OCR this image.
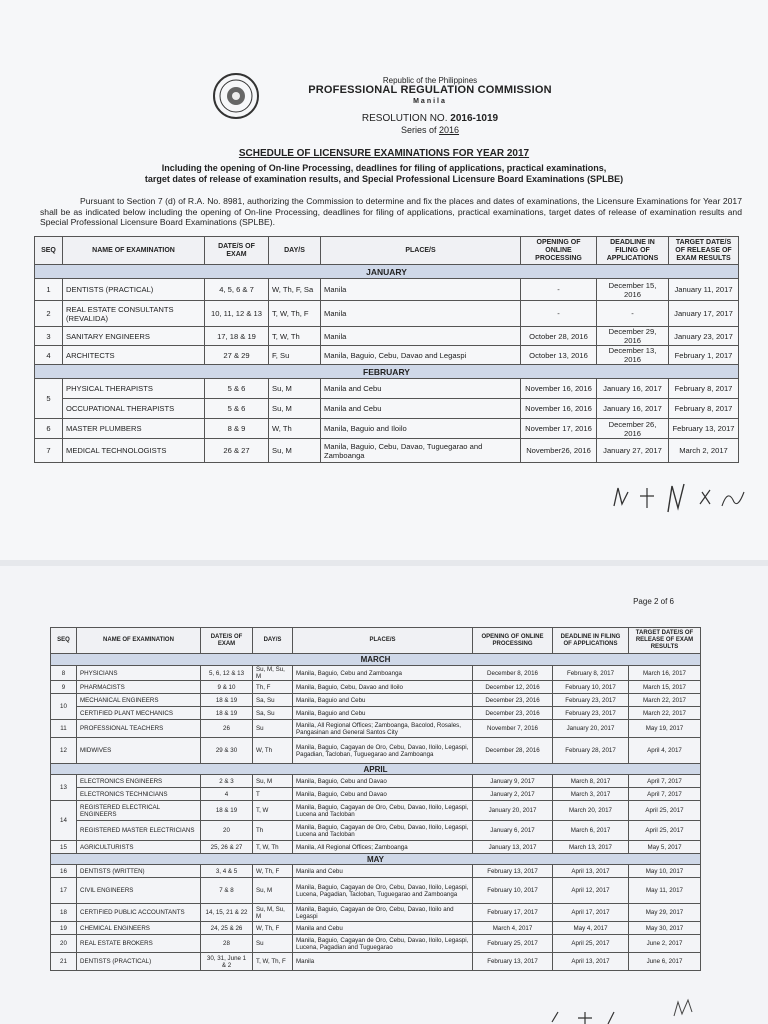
Republic of the Philippines
PROFESSIONAL REGULATION COMMISSION
Manila
RESOLUTION NO. 2016-1019
Series of 2016
SCHEDULE OF LICENSURE EXAMINATIONS FOR YEAR 2017
Including the opening of On-line Processing, deadlines for filing of applications, practical examinations,
target dates of release of examination results, and Special Professional Licensure Board Examinations (SPLBE)
Pursuant to Section 7 (d) of R.A. No. 8981, authorizing the Commission to determine and fix the places and dates of examinations, the Licensure Examinations for Year 2017 shall be as indicated below including the opening of On-line Processing, deadlines for filing of applications, practical examinations, target dates of release of examination results and Special Professional Licensure Board Examinations (SPLBE).
SEQ	NAME OF EXAMINATION	DATE/S OF EXAM	DAY/S	PLACE/S	OPENING OF ONLINE PROCESSING	DEADLINE IN FILING OF APPLICATIONS	TARGET DATE/S OF RELEASE OF EXAM RESULTS
JANUARY							
1	DENTISTS (PRACTICAL)	4, 5, 6 & 7	W, Th, F, Sa	Manila	-	December 15, 2016	January 11, 2017
2	REAL ESTATE CONSULTANTS (REVALIDA)	10, 11, 12 & 13	T, W, Th, F	Manila	-	-	January 17, 2017
3	SANITARY ENGINEERS	17, 18 & 19	T, W, Th	Manila	October 28, 2016	December 29, 2016	January 23, 2017
4	ARCHITECTS	27 & 29	F, Su	Manila, Baguio, Cebu, Davao and Legaspi	October 13, 2016	December 13, 2016	February 1, 2017
FEBRUARY							
5	PHYSICAL THERAPISTS	5 & 6	Su, M	Manila and Cebu	November 16, 2016	January 16, 2017	February 8, 2017
	OCCUPATIONAL THERAPISTS	5 & 6	Su, M	Manila and Cebu	November 16, 2016	January 16, 2017	February 8, 2017
6	MASTER PLUMBERS	8 & 9	W, Th	Manila, Baguio and Iloilo	November 17, 2016	December 26, 2016	February 13, 2017
7	MEDICAL TECHNOLOGISTS	26 & 27	Su, M	Manila, Baguio, Cebu, Davao, Tuguegarao and Zamboanga	November26, 2016	January 27, 2017	March 2, 2017
Page 2 of 6
SEQ	NAME OF EXAMINATION	DATE/S OF EXAM	DAY/S	PLACE/S	OPENING OF ONLINE PROCESSING	DEADLINE IN FILING OF APPLICATIONS	TARGET DATE/S OF RELEASE OF EXAM RESULTS
MARCH							
8	PHYSICIANS	5, 6, 12 & 13	Su, M, Su, M	Manila, Baguio, Cebu and Zamboanga	December 8, 2016	February 8, 2017	March 16, 2017
9	PHARMACISTS	9 & 10	Th, F	Manila, Baguio, Cebu, Davao and Iloilo	December 12, 2016	February 10, 2017	March 15, 2017
10	MECHANICAL ENGINEERS	18 & 19	Sa, Su	Manila, Baguio and Cebu	December 23, 2016	February 23, 2017	March 22, 2017
	CERTIFIED PLANT MECHANICS	18 & 19	Sa, Su	Manila, Baguio and Cebu	December 23, 2016	February 23, 2017	March 22, 2017
11	PROFESSIONAL TEACHERS	26	Su	Manila, All Regional Offices; Zamboanga, Bacolod, Rosales, Pangasinan and General Santos City	November 7, 2016	January 20, 2017	May 19, 2017
12	MIDWIVES	29 & 30	W, Th	Manila, Baguio, Cagayan de Oro, Cebu, Davao, Iloilo, Legaspi, Pagadian, Tacloban, Tuguegarao and Zamboanga	December 28, 2016	February 28, 2017	April 4, 2017
APRIL							
13	ELECTRONICS ENGINEERS	2 & 3	Su, M	Manila, Baguio, Cebu and Davao	January 9, 2017	March 8, 2017	April 7, 2017
	ELECTRONICS TECHNICIANS	4	T	Manila, Baguio, Cebu and Davao	January 2, 2017	March 3, 2017	April 7, 2017
14	REGISTERED ELECTRICAL ENGINEERS	18 & 19	T, W	Manila, Baguio, Cagayan de Oro, Cebu, Davao, Iloilo, Legaspi, Lucena and Tacloban	January 20, 2017	March 20, 2017	April 25, 2017
	REGISTERED MASTER ELECTRICIANS	20	Th	Manila, Baguio, Cagayan de Oro, Cebu, Davao, Iloilo, Legaspi, Lucena and Tacloban	January 6, 2017	March 6, 2017	April 25, 2017
15	AGRICULTURISTS	25, 26 & 27	T, W, Th	Manila, All Regional Offices; Zamboanga	January 13, 2017	March 13, 2017	May 5, 2017
MAY							
16	DENTISTS (WRITTEN)	3, 4 & 5	W, Th, F	Manila and Cebu	February 13, 2017	April 13, 2017	May 10, 2017
17	CIVIL ENGINEERS	7 & 8	Su, M	Manila, Baguio, Cagayan de Oro, Cebu, Davao, Iloilo, Legaspi, Lucena, Pagadian, Tacloban, Tuguegarao and Zamboanga	February 10, 2017	April 12, 2017	May 11, 2017
18	CERTIFIED PUBLIC ACCOUNTANTS	14, 15, 21 & 22	Su, M, Su, M	Manila, Baguio, Cagayan de Oro, Cebu, Davao, Iloilo and Legaspi	February 17, 2017	April 17, 2017	May 29, 2017
19	CHEMICAL ENGINEERS	24, 25 & 26	W, Th, F	Manila and Cebu	March 4, 2017	May 4, 2017	May 30, 2017
20	REAL ESTATE BROKERS	28	Su	Manila, Baguio, Cagayan de Oro, Cebu, Davao, Iloilo, Legaspi, Lucena, Pagadian and Tuguegarao	February 25, 2017	April 25, 2017	June 2, 2017
21	DENTISTS (PRACTICAL)	30, 31, June 1 & 2	T, W, Th, F	Manila	February 13, 2017	April 13, 2017	June 6, 2017
